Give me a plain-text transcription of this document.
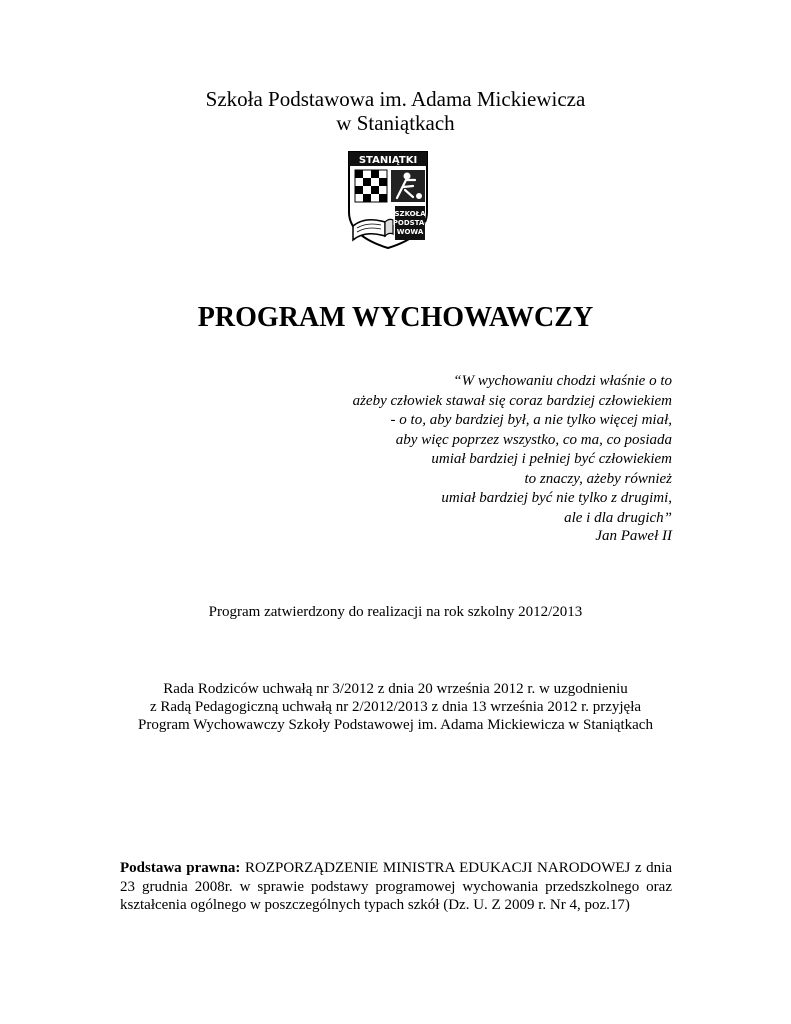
Szkoła Podstawowa im. Adama Mickiewicza
w Staniątkach
STANIĄTKI
SZKOŁA
PODSTA-
WOWA
PROGRAM WYCHOWAWCZY
“W wychowaniu chodzi właśnie o to
ażeby człowiek stawał się coraz bardziej człowiekiem
- o to, aby bardziej był, a nie tylko więcej miał,
aby więc poprzez wszystko, co ma, co posiada
umiał bardziej i pełniej być człowiekiem
to znaczy, ażeby również
umiał bardziej być nie tylko z drugimi,
ale i dla drugich”
Jan Paweł II
Program zatwierdzony do realizacji na rok szkolny 2012/2013
Rada Rodziców uchwałą nr 3/2012 z dnia 20 września 2012 r. w uzgodnieniu
z Radą Pedagogiczną uchwałą nr 2/2012/2013 z dnia 13 września 2012 r. przyjęła
Program Wychowawczy Szkoły Podstawowej im. Adama Mickiewicza w Staniątkach
Podstawa prawna: ROZPORZĄDZENIE MINISTRA EDUKACJI NARODOWEJ z dnia 23 grudnia 2008r. w sprawie podstawy programowej wychowania przedszkolnego oraz kształcenia ogólnego w poszczególnych typach szkół (Dz. U. Z 2009 r. Nr 4, poz.17)
